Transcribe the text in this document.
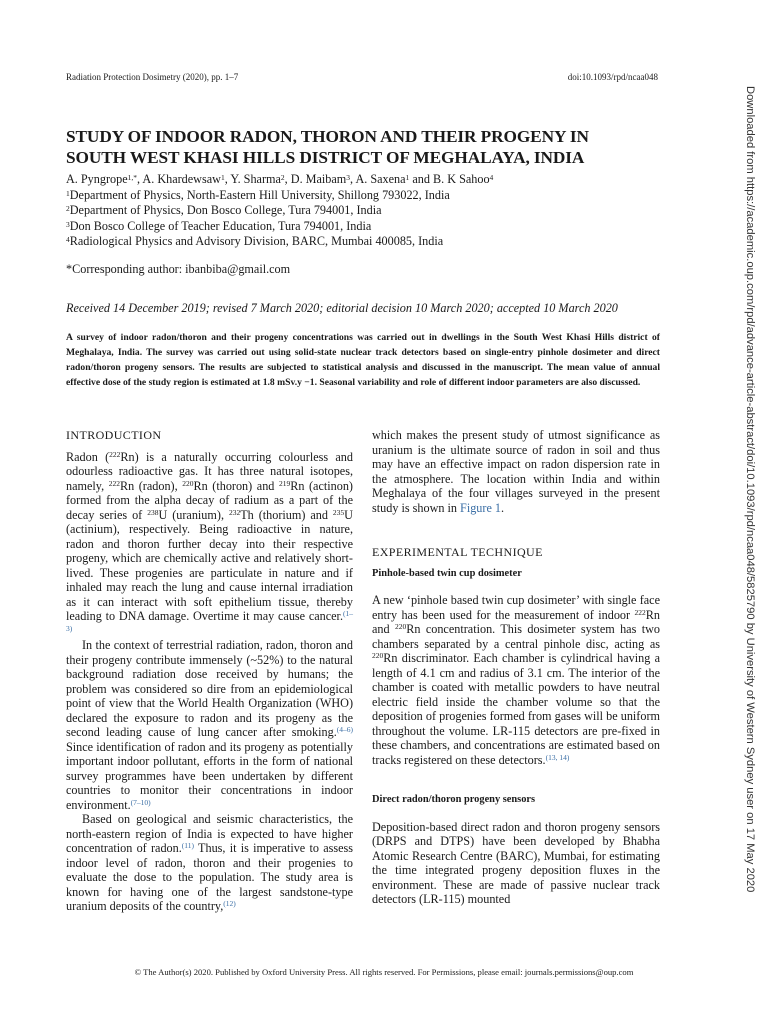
Radiation Protection Dosimetry (2020), pp. 1–7	doi:10.1093/rpd/ncaa048
Downloaded from https://academic.oup.com/rpd/advance-article-abstract/doi/10.1093/rpd/ncaa048/5825790 by University of Western Sydney user on 17 May 2020
STUDY OF INDOOR RADON, THORON AND THEIR PROGENY IN
SOUTH WEST KHASI HILLS DISTRICT OF MEGHALAYA, INDIA
A. Pyngrope$^{1,*}$, A. Khardewsaw$^1$, Y. Sharma$^2$, D. Maibam$^3$, A. Saxena$^1$ and B. K Sahoo$^4$
$^1$Department of Physics, North-Eastern Hill University, Shillong 793022, India
$^2$Department of Physics, Don Bosco College, Tura 794001, India
$^3$Don Bosco College of Teacher Education, Tura 794001, India
$^4$Radiological Physics and Advisory Division, BARC, Mumbai 400085, India
*Corresponding author: ibanbiba@gmail.com
Received 14 December 2019; revised 7 March 2020; editorial decision 10 March 2020; accepted 10 March 2020

A survey of indoor radon/thoron and their progeny concentrations was carried out in dwellings in the South West Khasi Hills district of Meghalaya, India. The survey was carried out using solid-state nuclear track detectors based on single-entry pinhole dosimeter and direct radon/thoron progeny sensors. The results are subjected to statistical analysis and discussed in the manuscript. The mean value of annual effective dose of the study region is estimated at 1.8 mSv.y −1. Seasonal variability and role of different indoor parameters are also discussed.

INTRODUCTION

Radon ($^{222}$Rn) is a naturally occurring colourless and odourless radioactive gas. It has three natural isotopes, namely, $^{222}$Rn (radon), $^{220}$Rn (thoron) and $^{219}$Rn (actinon) formed from the alpha decay of radium as a part of the decay series of $^{238}$U (uranium), $^{232}$Th (thorium) and $^{235}$U (actinium), respectively. Being radioactive in nature, radon and thoron further decay into their respective progeny, which are chemically active and relatively short-lived. These progenies are particulate in nature and if inhaled may reach the lung and cause internal irradiation as it can interact with soft epithelium tissue, thereby leading to DNA damage. Overtime it may cause cancer.$^{(1-3)}$

In the context of terrestrial radiation, radon, thoron and their progeny contribute immensely (~52%) to the natural background radiation dose received by humans; the problem was considered so dire from an epidemiological point of view that the World Health Organization (WHO) declared the exposure to radon and its progeny as the second leading cause of lung cancer after smoking.$^{(4-6)}$ Since identification of radon and its progeny as potentially important indoor pollutant, efforts in the form of national survey programmes have been undertaken by different countries to monitor their concentrations in indoor environment.$^{(7-10)}$

Based on geological and seismic characteristics, the north-eastern region of India is expected to have higher concentration of radon.$^{(11)}$ Thus, it is imperative to assess indoor level of radon, thoron and their progenies to evaluate the dose to the population. The study area is known for having one of the largest sandstone-type uranium deposits of the country,$^{(12)}$

which makes the present study of utmost significance as uranium is the ultimate source of radon in soil and thus may have an effective impact on radon dispersion rate in the atmosphere. The location within India and within Meghalaya of the four villages surveyed in the present study is shown in Figure 1.

EXPERIMENTAL TECHNIQUE
Pinhole-based twin cup dosimeter

A new ‘pinhole based twin cup dosimeter’ with single face entry has been used for the measurement of indoor $^{222}$Rn and $^{220}$Rn concentration. This dosimeter system has two chambers separated by a central pinhole disc, acting as $^{220}$Rn discriminator. Each chamber is cylindrical having a length of 4.1 cm and radius of 3.1 cm. The interior of the chamber is coated with metallic powders to have neutral electric field inside the chamber volume so that the deposition of progenies formed from gases will be uniform throughout the volume. LR-115 detectors are pre-fixed in these chambers, and concentrations are estimated based on tracks registered on these detectors.$^{(13, 14)}$

Direct radon/thoron progeny sensors

Deposition-based direct radon and thoron progeny sensors (DRPS and DTPS) have been developed by Bhabha Atomic Research Centre (BARC), Mumbai, for estimating the time integrated progeny deposition fluxes in the environment. These are made of passive nuclear track detectors (LR-115) mounted

© The Author(s) 2020. Published by Oxford University Press. All rights reserved. For Permissions, please email: journals.permissions@oup.com
